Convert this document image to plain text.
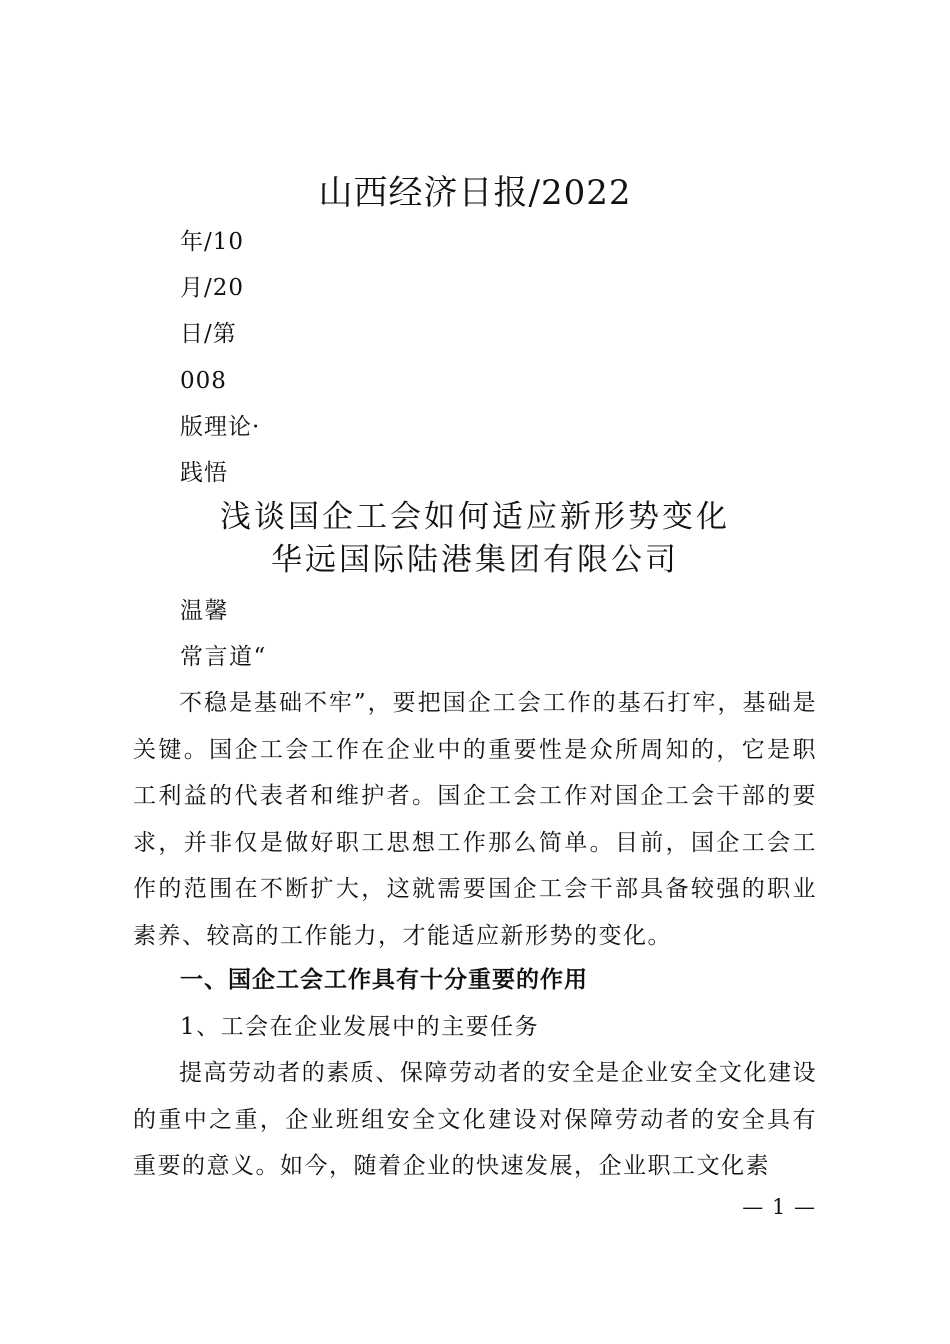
山西经济日报/2022
年/10
月/20
日/第
008
版理论·
践悟
浅谈国企工会如何适应新形势变化
华远国际陆港集团有限公司
温馨
常言道“

不稳是基础不牢”，要把国企工会工作的基石打牢，基础是关键。国企工会工作在企业中的重要性是众所周知的，它是职工利益的代表者和维护者。国企工会工作对国企工会干部的要求，并非仅是做好职工思想工作那么简单。目前，国企工会工作的范围在不断扩大，这就需要国企工会干部具备较强的职业素养、较高的工作能力，才能适应新形势的变化。

一、国企工会工作具有十分重要的作用
1、工会在企业发展中的主要任务

提高劳动者的素质、保障劳动者的安全是企业安全文化建设的重中之重，企业班组安全文化建设对保障劳动者的安全具有重要的意义。如今，随着企业的快速发展，企业职工文化素

— 1 —
